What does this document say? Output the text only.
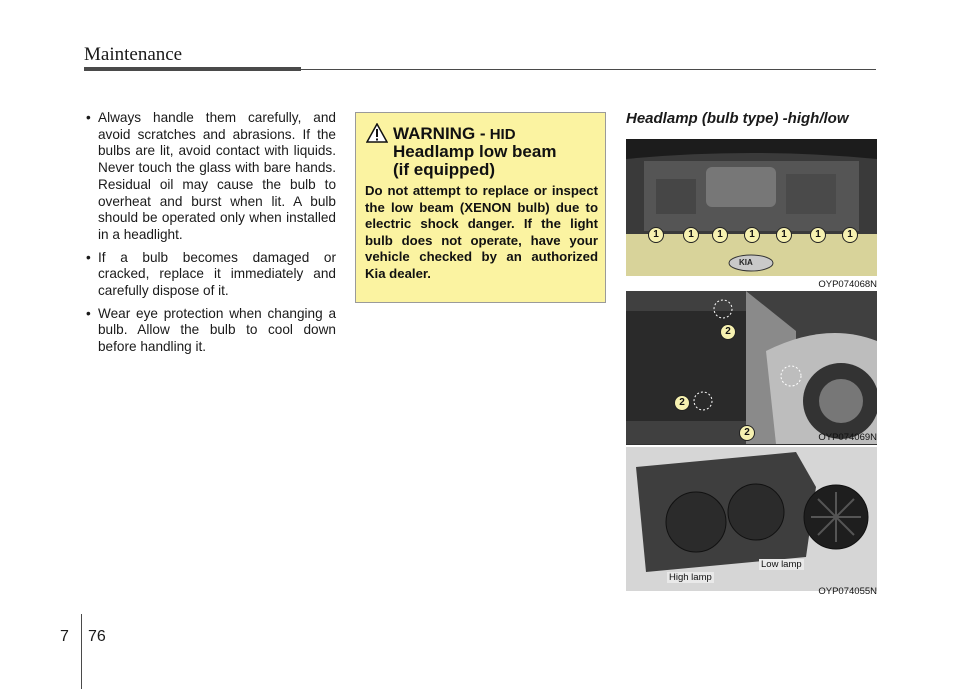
Maintenance
• Always handle them carefully, and avoid scratches and abrasions. If the bulbs are lit, avoid contact with liquids. Never touch the glass with bare hands. Residual oil may cause the bulb to overheat and burst when lit. A bulb should be operated only when installed in a headlight.
• If a bulb becomes damaged or cracked, replace it immediately and carefully dispose of it.
• Wear eye protection when changing a bulb. Allow the bulb to cool down before handling it.
WARNING - HID
Headlamp low beam
(if equipped)
Do not attempt to replace or inspect the low beam (XENON bulb) due to electric shock danger. If the light bulb does not operate, have your vehicle checked by an authorized Kia dealer.
Headlamp (bulb type) -high/low
KIA
1	1	1	1	1	1	1
OYP074068N
2
2
2	OYP074069N
High lamp
Low lamp
OYP074055N
7 76
